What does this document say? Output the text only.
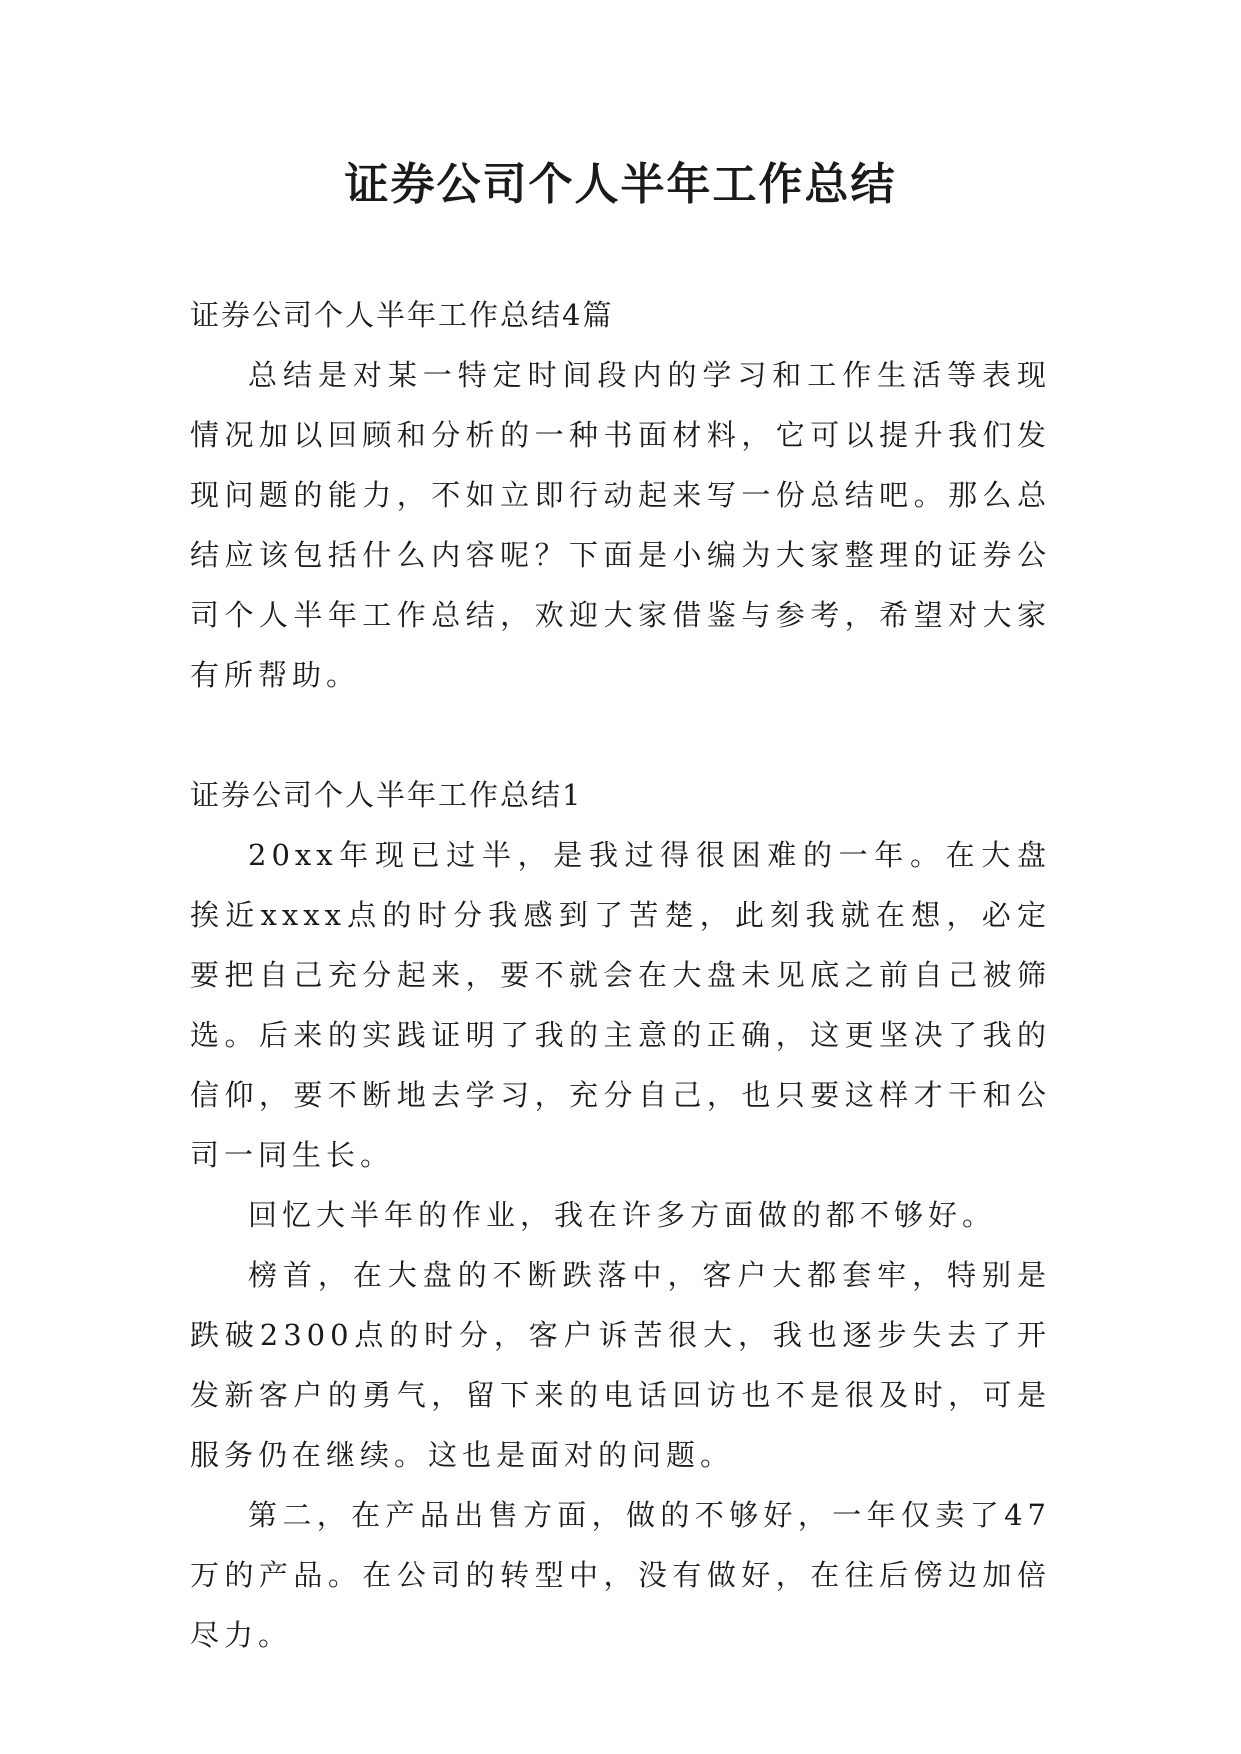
证券公司个人半年工作总结

证券公司个人半年工作总结4篇

总结是对某一特定时间段内的学习和工作生活等表现情况加以回顾和分析的一种书面材料，它可以提升我们发现问题的能力，不如立即行动起来写一份总结吧。那么总结应该包括什么内容呢？下面是小编为大家整理的证券公司个人半年工作总结，欢迎大家借鉴与参考，希望对大家有所帮助。

证券公司个人半年工作总结1

20xx年现已过半，是我过得很困难的一年。在大盘挨近xxxx点的时分我感到了苦楚，此刻我就在想，必定要把自己充分起来，要不就会在大盘未见底之前自己被筛选。后来的实践证明了我的主意的正确，这更坚决了我的信仰，要不断地去学习，充分自己，也只要这样才干和公司一同生长。

回忆大半年的作业，我在许多方面做的都不够好。

榜首，在大盘的不断跌落中，客户大都套牢，特别是跌破2300点的时分，客户诉苦很大，我也逐步失去了开发新客户的勇气，留下来的电话回访也不是很及时，可是服务仍在继续。这也是面对的问题。

第二，在产品出售方面，做的不够好，一年仅卖了47万的产品。在公司的转型中，没有做好，在往后傍边加倍尽力。
